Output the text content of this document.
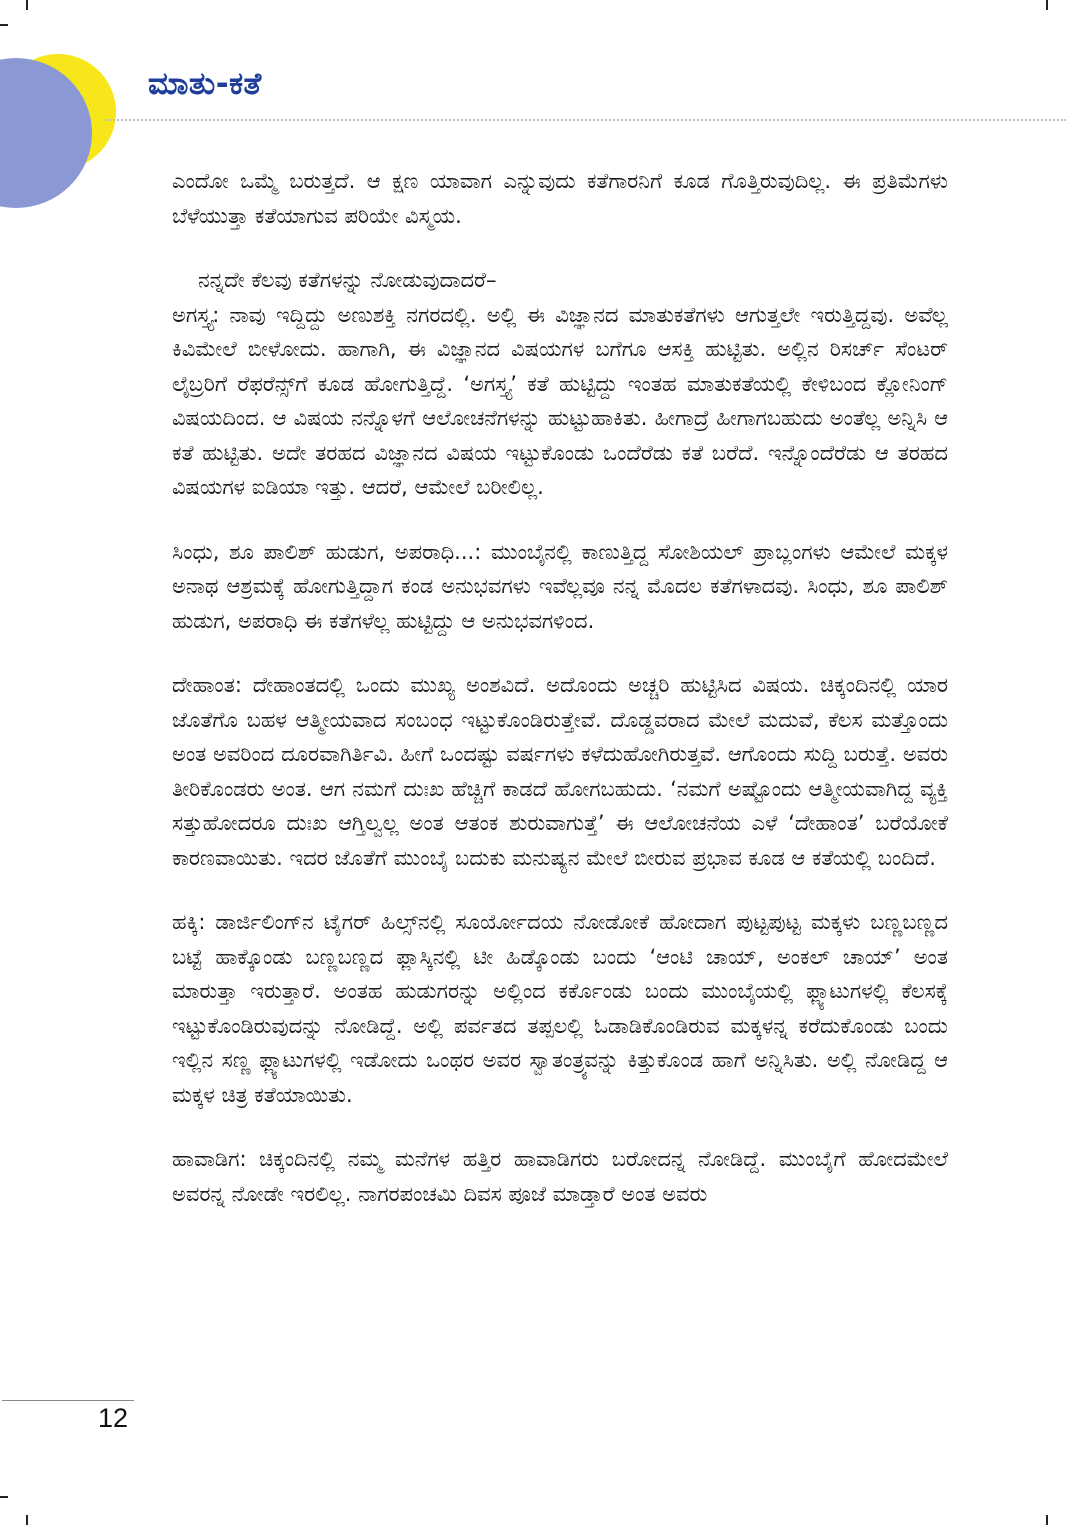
ಮಾತು-ಕತೆ

ಎಂದೋ ಒಮ್ಮೆ ಬರುತ್ತದೆ. ಆ ಕ್ಷಣ ಯಾವಾಗ ಎನ್ನುವುದು ಕತೆಗಾರನಿಗೆ ಕೂಡ ಗೊತ್ತಿರುವುದಿಲ್ಲ. ಈ ಪ್ರತಿಮೆಗಳು ಬೆಳೆಯುತ್ತಾ ಕತೆಯಾಗುವ ಪರಿಯೇ ವಿಸ್ಮಯ.

ನನ್ನದೇ ಕೆಲವು ಕತೆಗಳನ್ನು ನೋಡುವುದಾದರೆ–

ಅಗಸ್ತ್ಯ: ನಾವು ಇದ್ದಿದ್ದು ಅಣುಶಕ್ತಿ ನಗರದಲ್ಲಿ. ಅಲ್ಲಿ ಈ ವಿಜ್ಞಾನದ ಮಾತುಕತೆಗಳು ಆಗುತ್ತಲೇ ಇರುತ್ತಿದ್ದವು. ಅವೆಲ್ಲ ಕಿವಿಮೇಲೆ ಬೀಳೋದು. ಹಾಗಾಗಿ, ಈ ವಿಜ್ಞಾನದ ವಿಷಯಗಳ ಬಗೆಗೂ ಆಸಕ್ತಿ ಹುಟ್ಟಿತು. ಅಲ್ಲಿನ ರಿಸರ್ಚ್ ಸೆಂಟರ್ ಲೈಬ್ರರಿಗೆ ರೆಫರೆನ್ಸ್‌ಗೆ ಕೂಡ ಹೋಗುತ್ತಿದ್ದೆ. ‘ಅಗಸ್ತ್ಯ’ ಕತೆ ಹುಟ್ಟಿದ್ದು ಇಂತಹ ಮಾತುಕತೆಯಲ್ಲಿ ಕೇಳಿಬಂದ ಕ್ಲೋನಿಂಗ್ ವಿಷಯದಿಂದ. ಆ ವಿಷಯ ನನ್ನೊಳಗೆ ಆಲೋಚನೆಗಳನ್ನು ಹುಟ್ಟುಹಾಕಿತು. ಹೀಗಾದ್ರೆ ಹೀಗಾಗಬಹುದು ಅಂತೆಲ್ಲ ಅನ್ನಿಸಿ ಆ ಕತೆ ಹುಟ್ಟಿತು. ಅದೇ ತರಹದ ವಿಜ್ಞಾನದ ವಿಷಯ ಇಟ್ಟುಕೊಂಡು ಒಂದೆರೆಡು ಕತೆ ಬರೆದೆ. ಇನ್ನೊಂದೆರೆಡು ಆ ತರಹದ ವಿಷಯಗಳ ಐಡಿಯಾ ಇತ್ತು. ಆದರೆ, ಆಮೇಲೆ ಬರೀಲಿಲ್ಲ.

ಸಿಂಧು, ಶೂ ಪಾಲಿಶ್ ಹುಡುಗ, ಅಪರಾಧಿ...: ಮುಂಬೈನಲ್ಲಿ ಕಾಣುತ್ತಿದ್ದ ಸೋಶಿಯಲ್ ಪ್ರಾಬ್ಲಂಗಳು ಆಮೇಲೆ ಮಕ್ಕಳ ಅನಾಥ ಆಶ್ರಮಕ್ಕೆ ಹೋಗುತ್ತಿದ್ದಾಗ ಕಂಡ ಅನುಭವಗಳು ಇವೆಲ್ಲವೂ ನನ್ನ ಮೊದಲ ಕತೆಗಳಾದವು. ಸಿಂಧು, ಶೂ ಪಾಲಿಶ್ ಹುಡುಗ, ಅಪರಾಧಿ ಈ ಕತೆಗಳೆಲ್ಲ ಹುಟ್ಟಿದ್ದು ಆ ಅನುಭವಗಳಿಂದ.

ದೇಹಾಂತ: ದೇಹಾಂತದಲ್ಲಿ ಒಂದು ಮುಖ್ಯ ಅಂಶವಿದೆ. ಅದೊಂದು ಅಚ್ಚರಿ ಹುಟ್ಟಿಸಿದ ವಿಷಯ. ಚಿಕ್ಕಂದಿನಲ್ಲಿ ಯಾರ ಜೊತೆಗೊ ಬಹಳ ಆತ್ಮೀಯವಾದ ಸಂಬಂಧ ಇಟ್ಟುಕೊಂಡಿರುತ್ತೇವೆ. ದೊಡ್ಡವರಾದ ಮೇಲೆ ಮದುವೆ, ಕೆಲಸ ಮತ್ತೊಂದು ಅಂತ ಅವರಿಂದ ದೂರವಾಗಿರ್ತಿವಿ. ಹೀಗೆ ಒಂದಷ್ಟು ವರ್ಷಗಳು ಕಳೆದುಹೋಗಿರುತ್ತವೆ. ಆಗೊಂದು ಸುದ್ದಿ ಬರುತ್ತೆ. ಅವರು ತೀರಿಕೊಂಡರು ಅಂತ. ಆಗ ನಮಗೆ ದುಃಖ ಹೆಚ್ಚಿಗೆ ಕಾಡದೆ ಹೋಗಬಹುದು. ‘ನಮಗೆ ಅಷ್ಟೊಂದು ಆತ್ಮೀಯವಾಗಿದ್ದ ವ್ಯಕ್ತಿ ಸತ್ತುಹೋದರೂ ದುಃಖ ಆಗ್ತಿಲ್ವಲ್ಲ ಅಂತ ಆತಂಕ ಶುರುವಾಗುತ್ತೆ’ ಈ ಆಲೋಚನೆಯ ಎಳೆ ‘ದೇಹಾಂತ’ ಬರೆಯೋಕೆ ಕಾರಣವಾಯಿತು. ಇದರ ಜೊತೆಗೆ ಮುಂಬೈ ಬದುಕು ಮನುಷ್ಯನ ಮೇಲೆ ಬೀರುವ ಪ್ರಭಾವ ಕೂಡ ಆ ಕತೆಯಲ್ಲಿ ಬಂದಿದೆ.

ಹಕ್ಕಿ: ಡಾರ್ಜಿಲಿಂಗ್‌ನ ಟೈಗರ್ ಹಿಲ್ಸ್‌ನಲ್ಲಿ ಸೂರ್ಯೋದಯ ನೋಡೋಕೆ ಹೋದಾಗ ಪುಟ್ಟಪುಟ್ಟ ಮಕ್ಕಳು ಬಣ್ಣಬಣ್ಣದ ಬಟ್ಟೆ ಹಾಕ್ಕೊಂಡು ಬಣ್ಣಬಣ್ಣದ ಫ್ಲಾಸ್ಕಿನಲ್ಲಿ ಟೀ ಹಿಡ್ಕೊಂಡು ಬಂದು ‘ಆಂಟಿ ಚಾಯ್, ಅಂಕಲ್ ಚಾಯ್’ ಅಂತ ಮಾರುತ್ತಾ ಇರುತ್ತಾರೆ. ಅಂತಹ ಹುಡುಗರನ್ನು ಅಲ್ಲಿಂದ ಕರ್ಕೊಂಡು ಬಂದು ಮುಂಬೈಯಲ್ಲಿ ಫ್ಲ್ಯಾಟುಗಳಲ್ಲಿ ಕೆಲಸಕ್ಕೆ ಇಟ್ಟುಕೊಂಡಿರುವುದನ್ನು ನೋಡಿದ್ದೆ. ಅಲ್ಲಿ ಪರ್ವತದ ತಪ್ಪಲಲ್ಲಿ ಓಡಾಡಿಕೊಂಡಿರುವ ಮಕ್ಕಳನ್ನ ಕರೆದುಕೊಂಡು ಬಂದು ಇಲ್ಲಿನ ಸಣ್ಣ ಫ್ಲ್ಯಾಟುಗಳಲ್ಲಿ ಇಡೋದು ಒಂಥರ ಅವರ ಸ್ವಾತಂತ್ರ್ಯವನ್ನು ಕಿತ್ತುಕೊಂಡ ಹಾಗೆ ಅನ್ನಿಸಿತು. ಅಲ್ಲಿ ನೋಡಿದ್ದ ಆ ಮಕ್ಕಳ ಚಿತ್ರ ಕತೆಯಾಯಿತು.

ಹಾವಾಡಿಗ: ಚಿಕ್ಕಂದಿನಲ್ಲಿ ನಮ್ಮ ಮನೆಗಳ ಹತ್ತಿರ ಹಾವಾಡಿಗರು ಬರೋದನ್ನ ನೋಡಿದ್ದೆ. ಮುಂಬೈಗೆ ಹೋದಮೇಲೆ ಅವರನ್ನ ನೋಡೇ ಇರಲಿಲ್ಲ. ನಾಗರಪಂಚಮಿ ದಿವಸ ಪೂಜೆ ಮಾಡ್ತಾರೆ ಅಂತ ಅವರು

12
